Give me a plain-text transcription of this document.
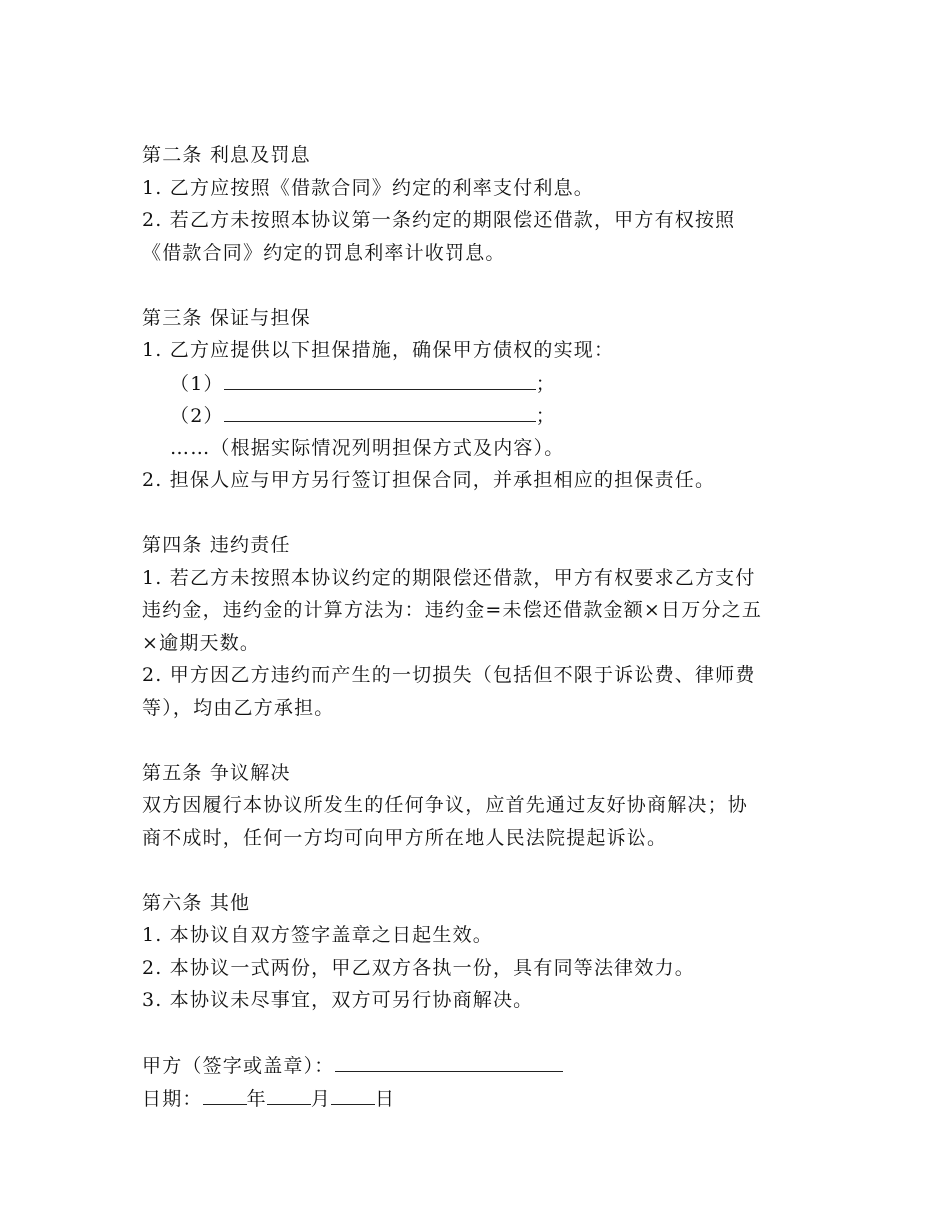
第二条 利息及罚息
1. 乙方应按照《借款合同》约定的利率支付利息。
2. 若乙方未按照本协议第一条约定的期限偿还借款，甲方有权按照
《借款合同》约定的罚息利率计收罚息。
第三条 保证与担保
1. 乙方应提供以下担保措施，确保甲方债权的实现：
（1）	；
（2）	；
……（根据实际情况列明担保方式及内容）。
2. 担保人应与甲方另行签订担保合同，并承担相应的担保责任。
第四条 违约责任
1. 若乙方未按照本协议约定的期限偿还借款，甲方有权要求乙方支付
违约金，违约金的计算方法为：违约金=未偿还借款金额×日万分之五
×逾期天数。
2. 甲方因乙方违约而产生的一切损失（包括但不限于诉讼费、律师费
等），均由乙方承担。
第五条 争议解决
双方因履行本协议所发生的任何争议，应首先通过友好协商解决；协
商不成时，任何一方均可向甲方所在地人民法院提起诉讼。
第六条 其他
1. 本协议自双方签字盖章之日起生效。
2. 本协议一式两份，甲乙双方各执一份，具有同等法律效力。
3. 本协议未尽事宜，双方可另行协商解决。
甲方（签字或盖章）：
日期： 年 月 日
